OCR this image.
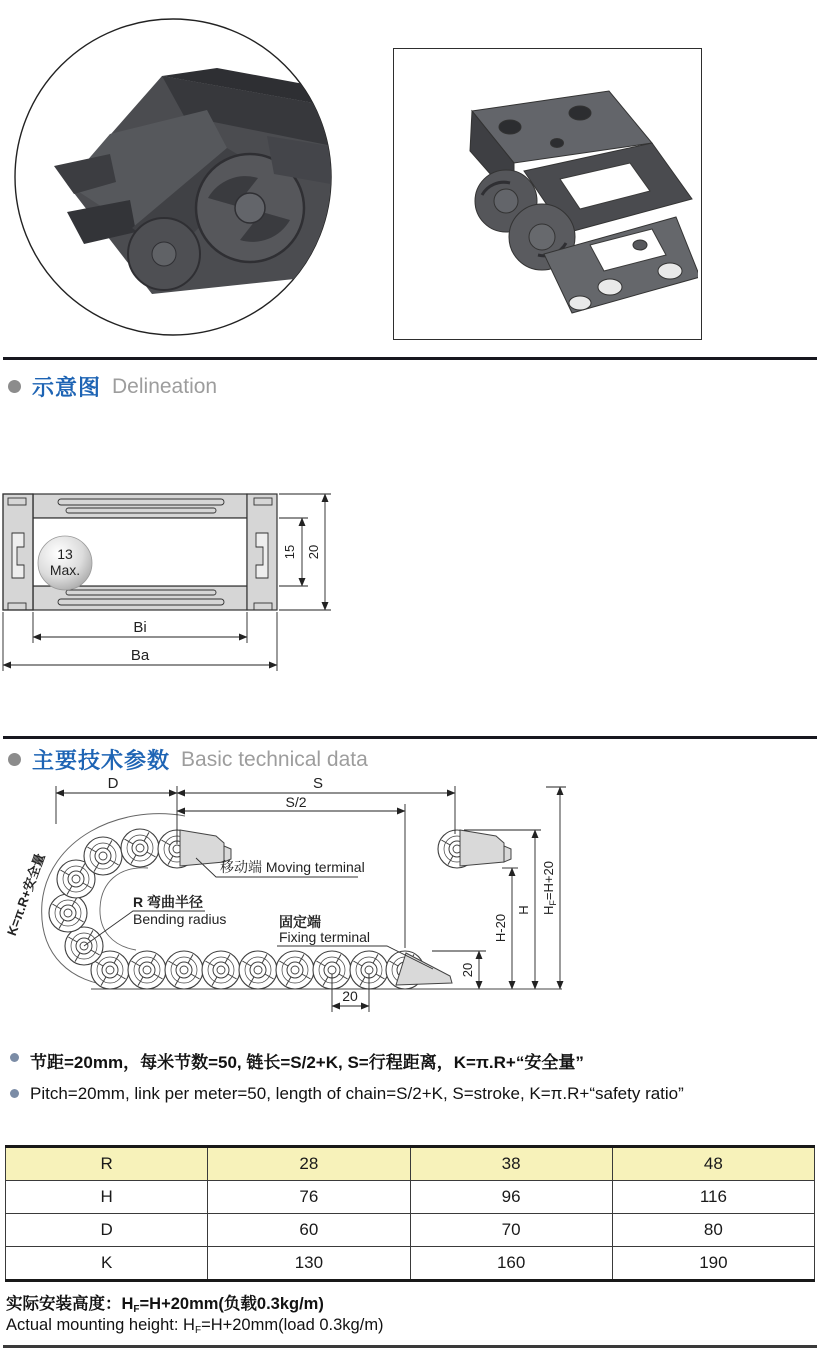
示意图 Delineation
13
Max.
15 20
Bi
Ba
主要技术参数 Basic technical data
D	S
S/2
K=π.R+安全量	移动端 Moving terminal
R 弯曲半径
Bending radius	固定端
Fixing terminal
20
20
H-20
H $H_F=H+20$
节距=20mm，每米节数=50, 链长=S/2+K, S=行程距离，K=π.R+“安全量”
Pitch=20mm, link per meter=50, length of chain=S/2+K, S=stroke, K=π.R+“safety ratio”
R	28	38	48
H	76	96	116
D	60	70	80
K	130	160	190
实际安装高度：HF=H+20mm(负载0.3kg/m)
Actual mounting height: HF=H+20mm(load 0.3kg/m)
